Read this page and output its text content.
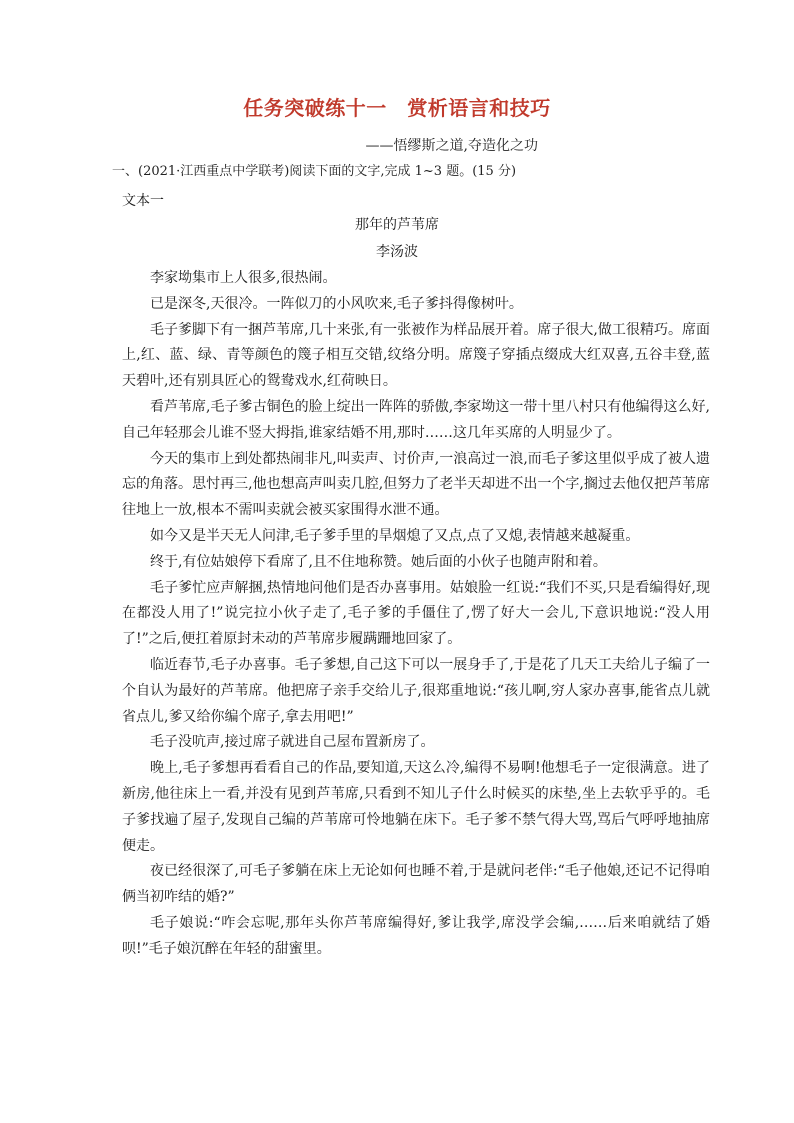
任务突破练十一　赏析语言和技巧
——悟缪斯之道,夺造化之功
一、(2021·江西重点中学联考)阅读下面的文字,完成 1~3 题。(15 分)
文本一
那年的芦苇席
李汤波

李家坳集市上人很多,很热闹。

已是深冬,天很冷。一阵似刀的小风吹来,毛子爹抖得像树叶。

毛子爹脚下有一捆芦苇席,几十来张,有一张被作为样品展开着。席子很大,做工很精巧。席面上,红、蓝、绿、青等颜色的篾子相互交错,纹络分明。席篾子穿插点缀成大红双喜,五谷丰登,蓝天碧叶,还有别具匠心的鸳鸯戏水,红荷映日。

看芦苇席,毛子爹古铜色的脸上绽出一阵阵的骄傲,李家坳这一带十里八村只有他编得这么好,自己年轻那会儿谁不竖大拇指,谁家结婚不用,那时……这几年买席的人明显少了。

今天的集市上到处都热闹非凡,叫卖声、讨价声,一浪高过一浪,而毛子爹这里似乎成了被人遗忘的角落。思忖再三,他也想高声叫卖几腔,但努力了老半天却进不出一个字,搁过去他仅把芦苇席往地上一放,根本不需叫卖就会被买家围得水泄不通。

如今又是半天无人问津,毛子爹手里的旱烟熄了又点,点了又熄,表情越来越凝重。

终于,有位姑娘停下看席了,且不住地称赞。她后面的小伙子也随声附和着。

毛子爹忙应声解捆,热情地问他们是否办喜事用。姑娘脸一红说:“我们不买,只是看编得好,现在都没人用了!”说完拉小伙子走了,毛子爹的手僵住了,愣了好大一会儿,下意识地说:“没人用了!”之后,便扛着原封未动的芦苇席步履蹒跚地回家了。

临近春节,毛子办喜事。毛子爹想,自己这下可以一展身手了,于是花了几天工夫给儿子编了一个自认为最好的芦苇席。他把席子亲手交给儿子,很郑重地说:“孩儿啊,穷人家办喜事,能省点儿就省点儿,爹又给你编个席子,拿去用吧!”

毛子没吭声,接过席子就进自己屋布置新房了。

晚上,毛子爹想再看看自己的作品,要知道,天这么冷,编得不易啊!他想毛子一定很满意。进了新房,他往床上一看,并没有见到芦苇席,只看到不知儿子什么时候买的床垫,坐上去软乎乎的。毛子爹找遍了屋子,发现自己编的芦苇席可怜地躺在床下。毛子爹不禁气得大骂,骂后气呼呼地抽席便走。

夜已经很深了,可毛子爹躺在床上无论如何也睡不着,于是就问老伴:“毛子他娘,还记不记得咱俩当初咋结的婚?”

毛子娘说:“咋会忘呢,那年头你芦苇席编得好,爹让我学,席没学会编,……后来咱就结了婚呗!”毛子娘沉醉在年轻的甜蜜里。
